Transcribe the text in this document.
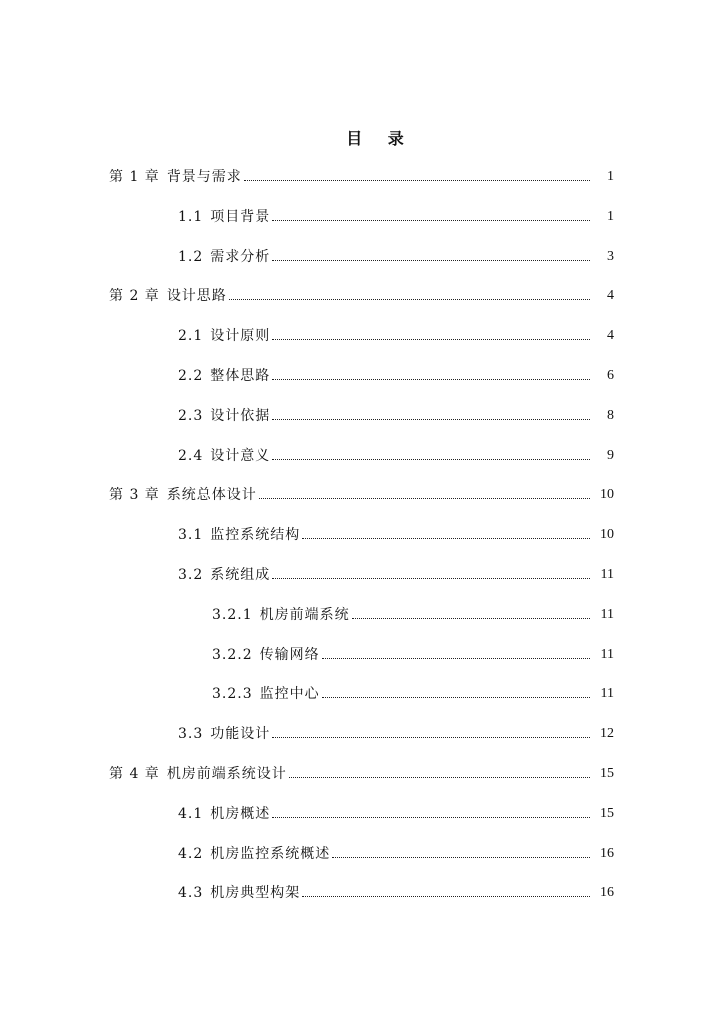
目 录
第 1 章  背景与需求	1
1.1  项目背景	1
1.2  需求分析	3
第 2 章  设计思路	4
2.1  设计原则	4
2.2  整体思路	6
2.3  设计依据	8
2.4  设计意义	9
第 3 章  系统总体设计	10
3.1  监控系统结构	10
3.2  系统组成	11
3.2.1  机房前端系统	11
3.2.2  传输网络	11
3.2.3  监控中心	11
3.3  功能设计	12
第 4 章  机房前端系统设计	15
4.1  机房概述	15
4.2  机房监控系统概述	16
4.3  机房典型构架	16
